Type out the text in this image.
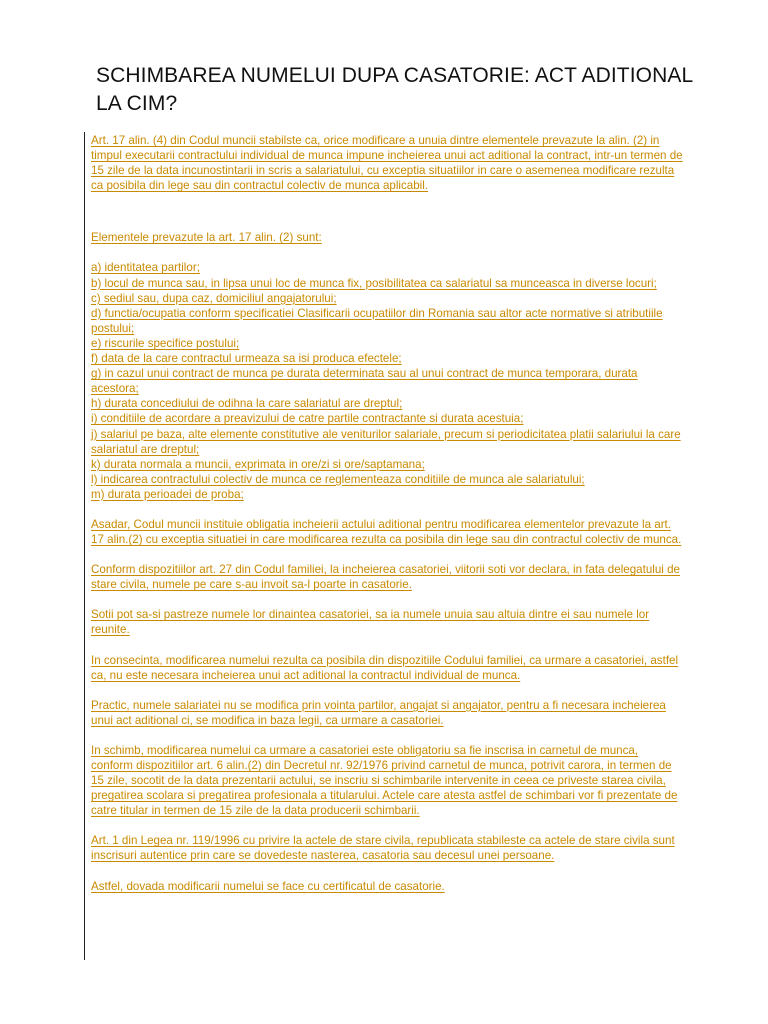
SCHIMBAREA NUMELUI DUPA CASATORIE: ACT ADITIONAL LA CIM?

Art. 17 alin. (4) din Codul muncii stabilste ca, orice modificare a unuia dintre elementele prevazute la alin. (2) in timpul executarii contractului individual de munca impune incheierea unui act aditional la contract, intr-un termen de 15 zile de la data incunostintarii in scris a salariatului, cu exceptia situatiilor in care o asemenea modificare rezulta ca posibila din lege sau din contractul colectiv de munca aplicabil.

Elementele prevazute la art. 17 alin. (2) sunt:

a) identitatea partilor;
b) locul de munca sau, in lipsa unui loc de munca fix, posibilitatea ca salariatul sa munceasca in diverse locuri;
c) sediul sau, dupa caz, domiciliul angajatorului;
d) functia/ocupatia conform specificatiei Clasificarii ocupatiilor din Romania sau altor acte normative si atributiile postului;
e) riscurile specifice postului;
f) data de la care contractul urmeaza sa isi produca efectele;
g) in cazul unui contract de munca pe durata determinata sau al unui contract de munca temporara, durata acestora;
h) durata concediului de odihna la care salariatul are dreptul;
i) conditiile de acordare a preavizului de catre partile contractante si durata acestuia;
j) salariul pe baza, alte elemente constitutive ale veniturilor salariale, precum si periodicitatea platii salariului la care salariatul are dreptul;
k) durata normala a muncii, exprimata in ore/zi si ore/saptamana;
l) indicarea contractului colectiv de munca ce reglementeaza conditiile de munca ale salariatului;
m) durata perioadei de proba;

Asadar, Codul muncii instituie obligatia incheierii actului aditional pentru modificarea elementelor prevazute la art. 17 alin.(2) cu exceptia situatiei in care modificarea rezulta ca posibila din lege sau din contractul colectiv de munca.

Conform dispozitiilor art. 27 din Codul familiei, la incheierea casatoriei, viitorii soti vor declara, in fata delegatului de stare civila, numele pe care s-au invoit sa-l poarte in casatorie.

Sotii pot sa-si pastreze numele lor dinaintea casatoriei, sa ia numele unuia sau altuia dintre ei sau numele lor reunite.

In consecinta, modificarea numelui rezulta ca posibila din dispozitiile Codului familiei, ca urmare a casatoriei, astfel ca, nu este necesara incheierea unui act aditional la contractul individual de munca.

Practic, numele salariatei nu se modifica prin vointa partilor, angajat si angajator, pentru a fi necesara incheierea unui act aditional ci, se modifica in baza legii, ca urmare a casatoriei.

In schimb, modificarea numelui ca urmare a casatoriei este obligatoriu sa fie inscrisa in carnetul de munca, conform dispozitiilor art. 6 alin.(2) din Decretul nr. 92/1976 privind carnetul de munca, potrivit carora, in termen de 15 zile, socotit de la data prezentarii actului, se inscriu si schimbarile intervenite in ceea ce priveste starea civila, pregatirea scolara si pregatirea profesionala a titularului. Actele care atesta astfel de schimbari vor fi prezentate de catre titular in termen de 15 zile de la data producerii schimbarii.

Art. 1 din Legea nr. 119/1996 cu privire la actele de stare civila, republicata stabileste ca actele de stare civila sunt inscrisuri autentice prin care se dovedeste nasterea, casatoria sau decesul unei persoane.

Astfel, dovada modificarii numelui se face cu certificatul de casatorie.
